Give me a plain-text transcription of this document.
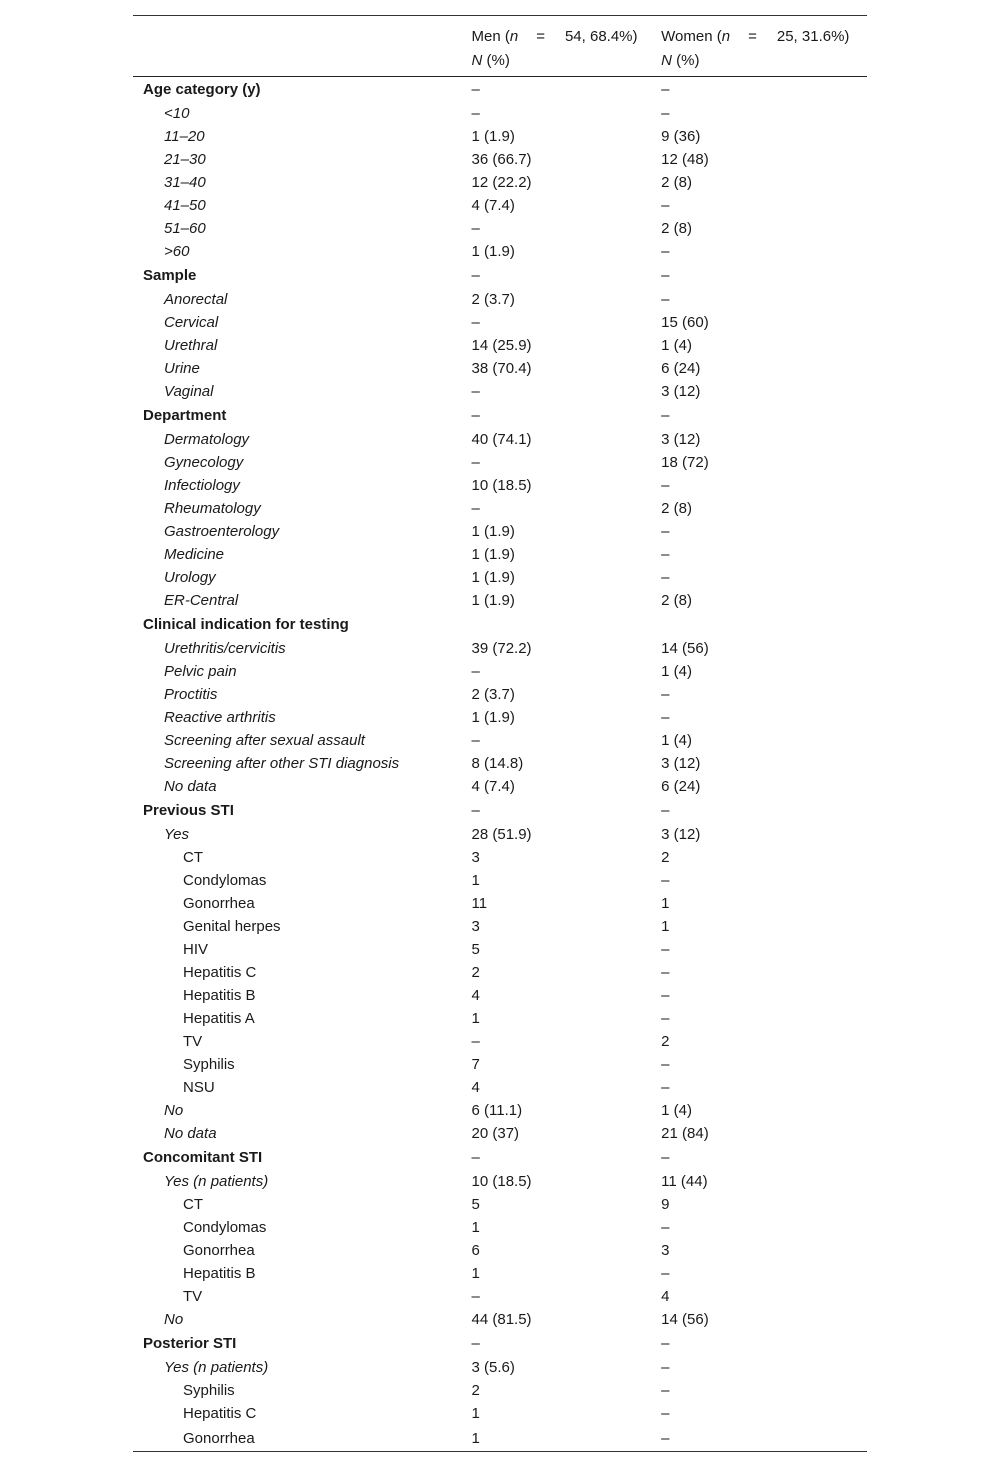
	Men (n = 54, 68.4%)	Women (n = 25, 31.6%)
	N (%)	N (%)
Age category (y)	–	–
<10	–	–
11–20	1 (1.9)	9 (36)
21–30	36 (66.7)	12 (48)
31–40	12 (22.2)	2 (8)
41–50	4 (7.4)	–
51–60	–	2 (8)
>60	1 (1.9)	–
Sample	–	–
Anorectal	2 (3.7)	–
Cervical	–	15 (60)
Urethral	14 (25.9)	1 (4)
Urine	38 (70.4)	6 (24)
Vaginal	–	3 (12)
Department	–	–
Dermatology	40 (74.1)	3 (12)
Gynecology	–	18 (72)
Infectiology	10 (18.5)	–
Rheumatology	–	2 (8)
Gastroenterology	1 (1.9)	–
Medicine	1 (1.9)	–
Urology	1 (1.9)	–
ER-Central	1 (1.9)	2 (8)
Clinical indication for testing		
Urethritis/cervicitis	39 (72.2)	14 (56)
Pelvic pain	–	1 (4)
Proctitis	2 (3.7)	–
Reactive arthritis	1 (1.9)	–
Screening after sexual assault	–	1 (4)
Screening after other STI diagnosis	8 (14.8)	3 (12)
No data	4 (7.4)	6 (24)
Previous STI	–	–
Yes	28 (51.9)	3 (12)
CT	3	2
Condylomas	1	–
Gonorrhea	11	1
Genital herpes	3	1
HIV	5	–
Hepatitis C	2	–
Hepatitis B	4	–
Hepatitis A	1	–
TV	–	2
Syphilis	7	–
NSU	4	–
No	6 (11.1)	1 (4)
No data	20 (37)	21 (84)
Concomitant STI	–	–
Yes (n patients)	10 (18.5)	11 (44)
CT	5	9
Condylomas	1	–
Gonorrhea	6	3
Hepatitis B	1	–
TV	–	4
No	44 (81.5)	14 (56)
Posterior STI	–	–
Yes (n patients)	3 (5.6)	–
Syphilis	2	–
Hepatitis C	1	–
Gonorrhea	1	–
